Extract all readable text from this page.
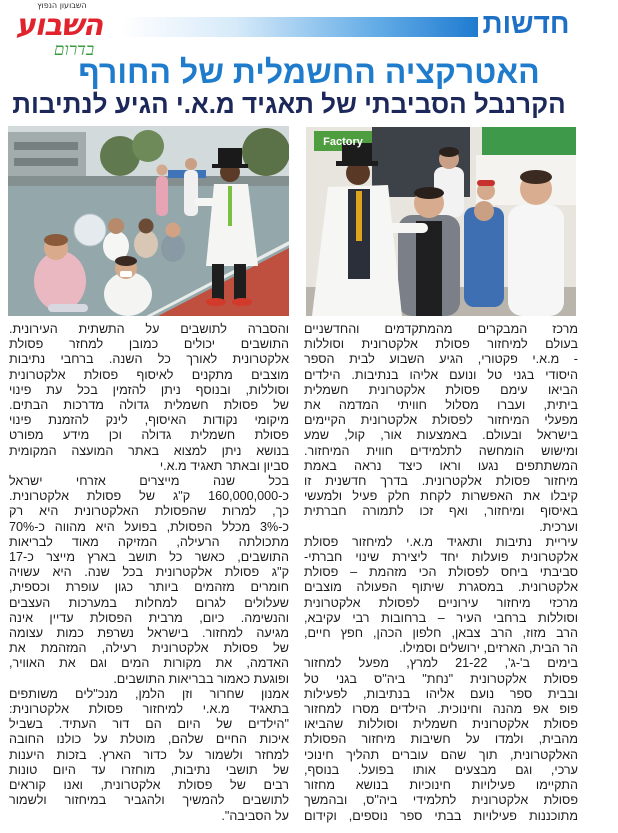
השבועון הנפוץ
השבוע
בדרום
חדשות
האטרקציה החשמלית של החורף
הקרנבל הסביבתי של תאגיד מ.א.י הגיע לנתיבות
Factory
מרכז המבקרים מהמתקדמים והחדשניים
בעולם למיחזור פסולת אלקטרונית וסוללות
- מ.א.י פקטורי, הגיע השבוע לבית הספר
היסודי בגני טל ונועם אליהו בנתיבות. הילדים
הביאו עימם פסולת אלקטרונית חשמלית
ביתית, ועברו מסלול חוויתי המדמה את
מפעלי המיחזור לפסולת אלקטרונית הקיימים
בישראל ובעולם. באמצעות אור, קול, שמע
ומישוש הומחשה לתלמידים חווית המיחזור.
המשתתפים נגעו וראו כיצד נראה באמת
מיחזור פסולת אלקטרונית. בדרך חדשנית זו
קיבלו את האפשרות לקחת חלק פעיל ולמעשי
באיסוף ומיחזור, ואף זכו לתמורה חברתית
וערכית.
עיריית נתיבות ותאגיד מ.א.י למיחזור פסולת
אלקטרונית פועלות יחד ליצירת שינוי חברתי-
סביבתי ביחס לפסולת הכי מזהמת – פסולת
אלקטרונית. במסגרת שיתוף הפעולה מוצבים
מרכזי מיחזור עירוניים לפסולת אלקטרונית
וסוללות ברחבי העיר – ברחובות רבי עקיבא,
הרב מזוז, הרב צבאן, חלפון הכהן, חפץ חיים,
הר הבית, הארזים, ירושלים וסמילו.
בימים ב'-ג', 21-22 למרץ, מפעל למחזור
פסולת אלקטרונית "נחת" ביה"ס בגני טל
ובבית ספר נועם אליהו בנתיבות, לפעילות
פופ אפ מהנה וחינוכית. הילדים מסרו למחזור
פסולת אלקטרונית חשמלית וסוללות שהביאו
מהבית, ולמדו על חשיבות מיחזור הפסולת
האלקטרונית, תוך שהם עוברים תהליך חינוכי
ערכי, וגם מבצעים אותו בפועל. בנוסף,
התקיימו פעילויות חינוכיות בנושא מחזור
פסולת אלקטרונית לתלמידי ביה"ס, ובהמשך
מתוכננות פעילויות בבתי ספר נוספים, וקידום
והסברה לתושבים על התשתית העירונית.
התושבים יכולים כמובן למחזר פסולת
אלקטרונית לאורך כל השנה. ברחבי נתיבות
מוצבים מתקנים לאיסוף פסולת אלקטרונית
וסוללות, ובנוסף ניתן להזמין בכל עת פינוי
של פסולת חשמלית גדולה מדרכות הבתים.
מיקומי נקודות האיסוף, לינק להזמנת פינוי
פסולת חשמלית גדולה וכן מידע מפורט
בנושא ניתן למצוא באתר המועצה המקומית
סביון ובאתר תאגיד מ.א.י
בכל שנה מייצרים אזרחי ישראל
כ-160,000,000 ק"ג של פסולת אלקטרונית.
כך, למרות שהפסולת האלקטרונית היא רק
כ-3% מכלל הפסולת, בפועל היא מהווה כ-70%
מתכולתה הרעילה, המזיקה מאוד לבריאות
התושבים, כאשר כל תושב בארץ מייצר כ-17
ק"ג פסולת אלקטרונית בכל שנה. היא עשויה
חומרים מזהמים ביותר כגון עופרת וכספית,
שעלולים לגרום למחלות במערכות העצבים
והנשימה. כיום, מרבית הפסולת עדיין אינה
מגיעה למחזור. בישראל נשרפת כמות עצומה
של פסולת אלקטרונית רעילה, המזהמת את
האדמה, את מקורות המים וגם את האוויר,
ופוגעת כאמור בבריאות התושבים.
אמנון שחרור וזן הלמן, מנכ"לים משותפים
בתאגיד מ.א.י למיחזור פסולת אלקטרונית:
"הילדים של היום הם דור העתיד. בשביל
איכות החיים שלהם, מוטלת על כולנו החובה
למחזר ולשמור על כדור הארץ. בזכות היענות
של תושבי נתיבות, מוחזרו עד היום טונות
רבים של פסולת אלקטרונית, ואנו קוראים
לתושבים להמשיך ולהגביר במיחזור ולשמור
על הסביבה".
